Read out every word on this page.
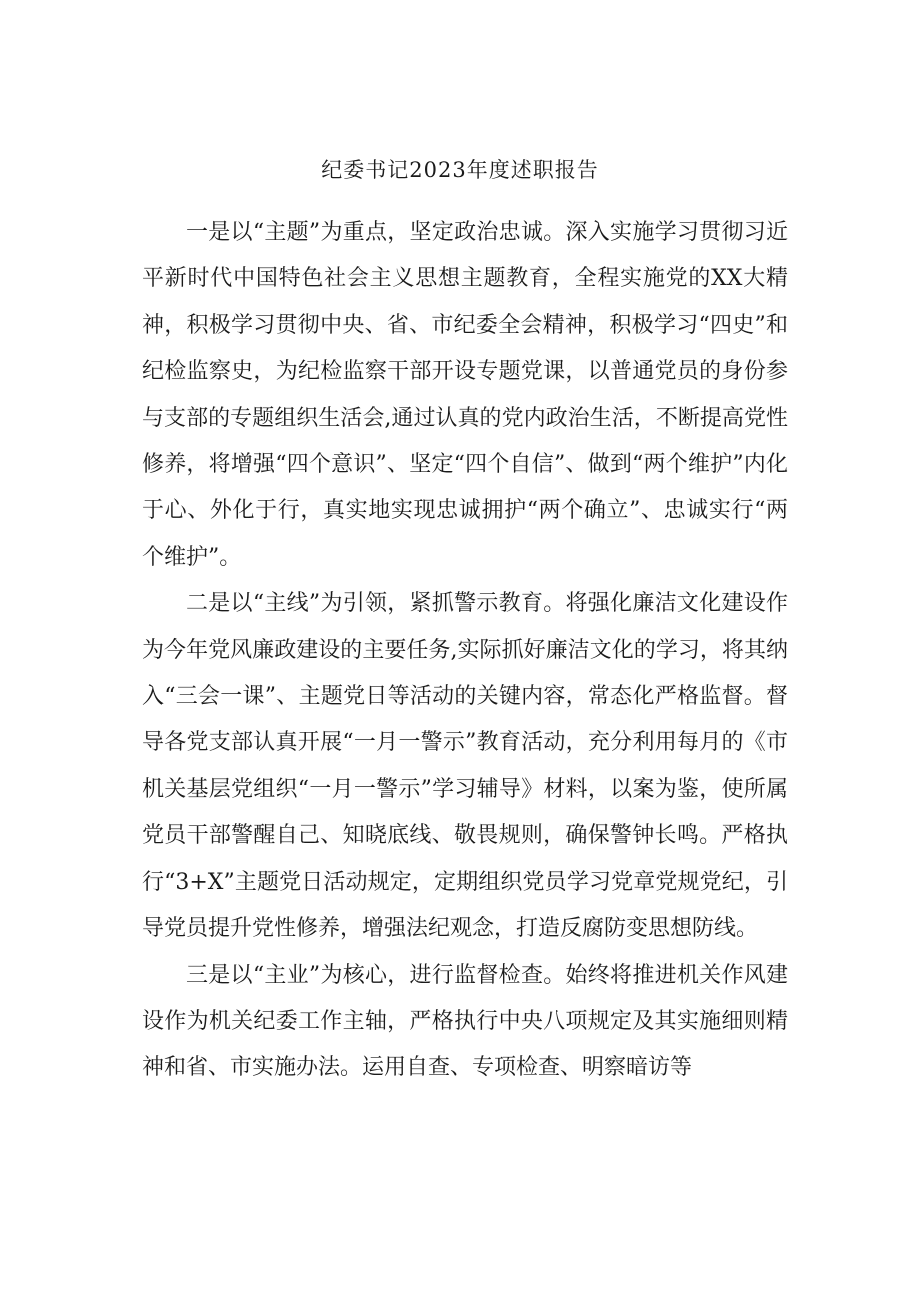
纪委书记2023年度述职报告

一是以“主题”为重点，坚定政治忠诚。深入实施学习贯彻习近平新时代中国特色社会主义思想主题教育，全程实施党的XX大精神，积极学习贯彻中央、省、市纪委全会精神，积极学习“四史”和纪检监察史，为纪检监察干部开设专题党课，以普通党员的身份参与支部的专题组织生活会,通过认真的党内政治生活，不断提高党性修养，将增强“四个意识”、坚定“四个自信”、做到“两个维护”内化于心、外化于行，真实地实现忠诚拥护“两个确立”、忠诚实行“两个维护”。

二是以“主线”为引领，紧抓警示教育。将强化廉洁文化建设作为今年党风廉政建设的主要任务,实际抓好廉洁文化的学习，将其纳入“三会一课”、主题党日等活动的关键内容，常态化严格监督。督导各党支部认真开展“一月一警示”教育活动，充分利用每月的《市机关基层党组织“一月一警示”学习辅导》材料，以案为鉴，使所属党员干部警醒自己、知晓底线、敬畏规则，确保警钟长鸣。严格执行“3+X”主题党日活动规定，定期组织党员学习党章党规党纪，引导党员提升党性修养，增强法纪观念，打造反腐防变思想防线。

三是以“主业”为核心，进行监督检查。始终将推进机关作风建设作为机关纪委工作主轴，严格执行中央八项规定及其实施细则精神和省、市实施办法。运用自查、专项检查、明察暗访等
